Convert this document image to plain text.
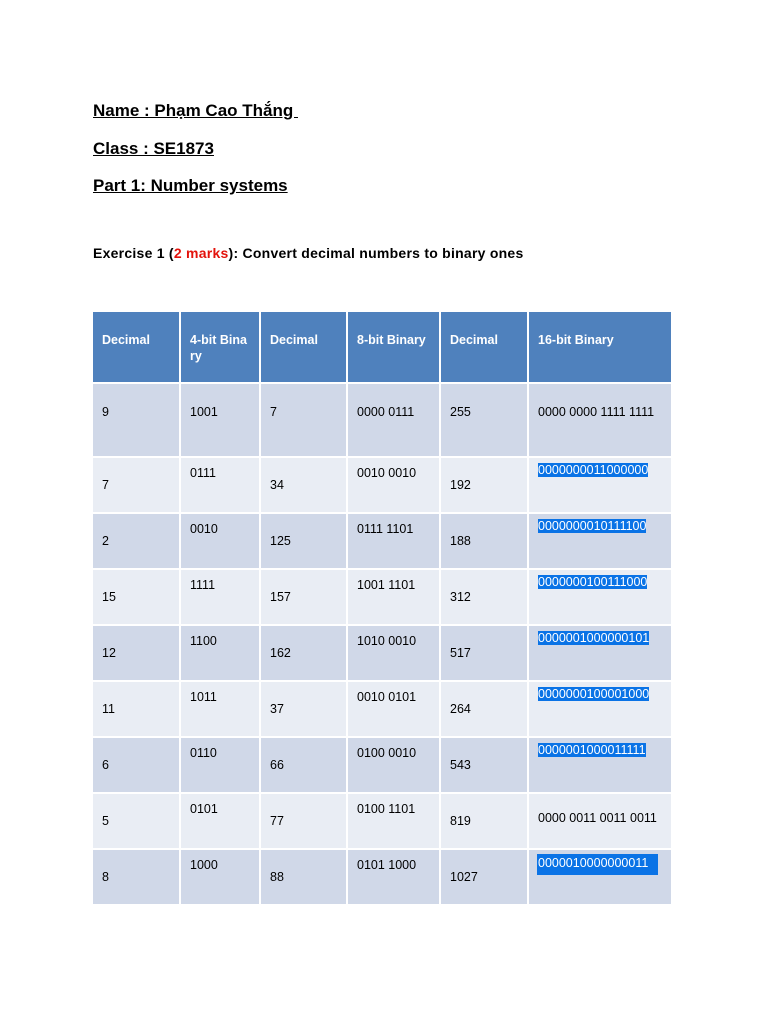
Name : Phạm Cao Thắng

Class : SE1873

Part 1: Number systems

Exercise 1 (2 marks): Convert decimal numbers to binary ones

Decimal	4-bit Binary	Decimal	8-bit Binary	Decimal	16-bit Binary
9	1001	7	0000 0111	255	0000 0000 1111 1111
7	0111	34	0010 0010	192	0000000011000000
2	0010	125	0111 1101	188	0000000010111100
15	1111	157	1001 1101	312	0000000100111000
12	1100	162	1010 0010	517	0000001000000101
11	1011	37	0010 0101	264	0000000100001000
6	0110	66	0100 0010	543	0000001000011111
5	0101	77	0100 1101	819	0000 0011 0011 0011

8	1000	88	0101 1000	1027	0000010000000011
